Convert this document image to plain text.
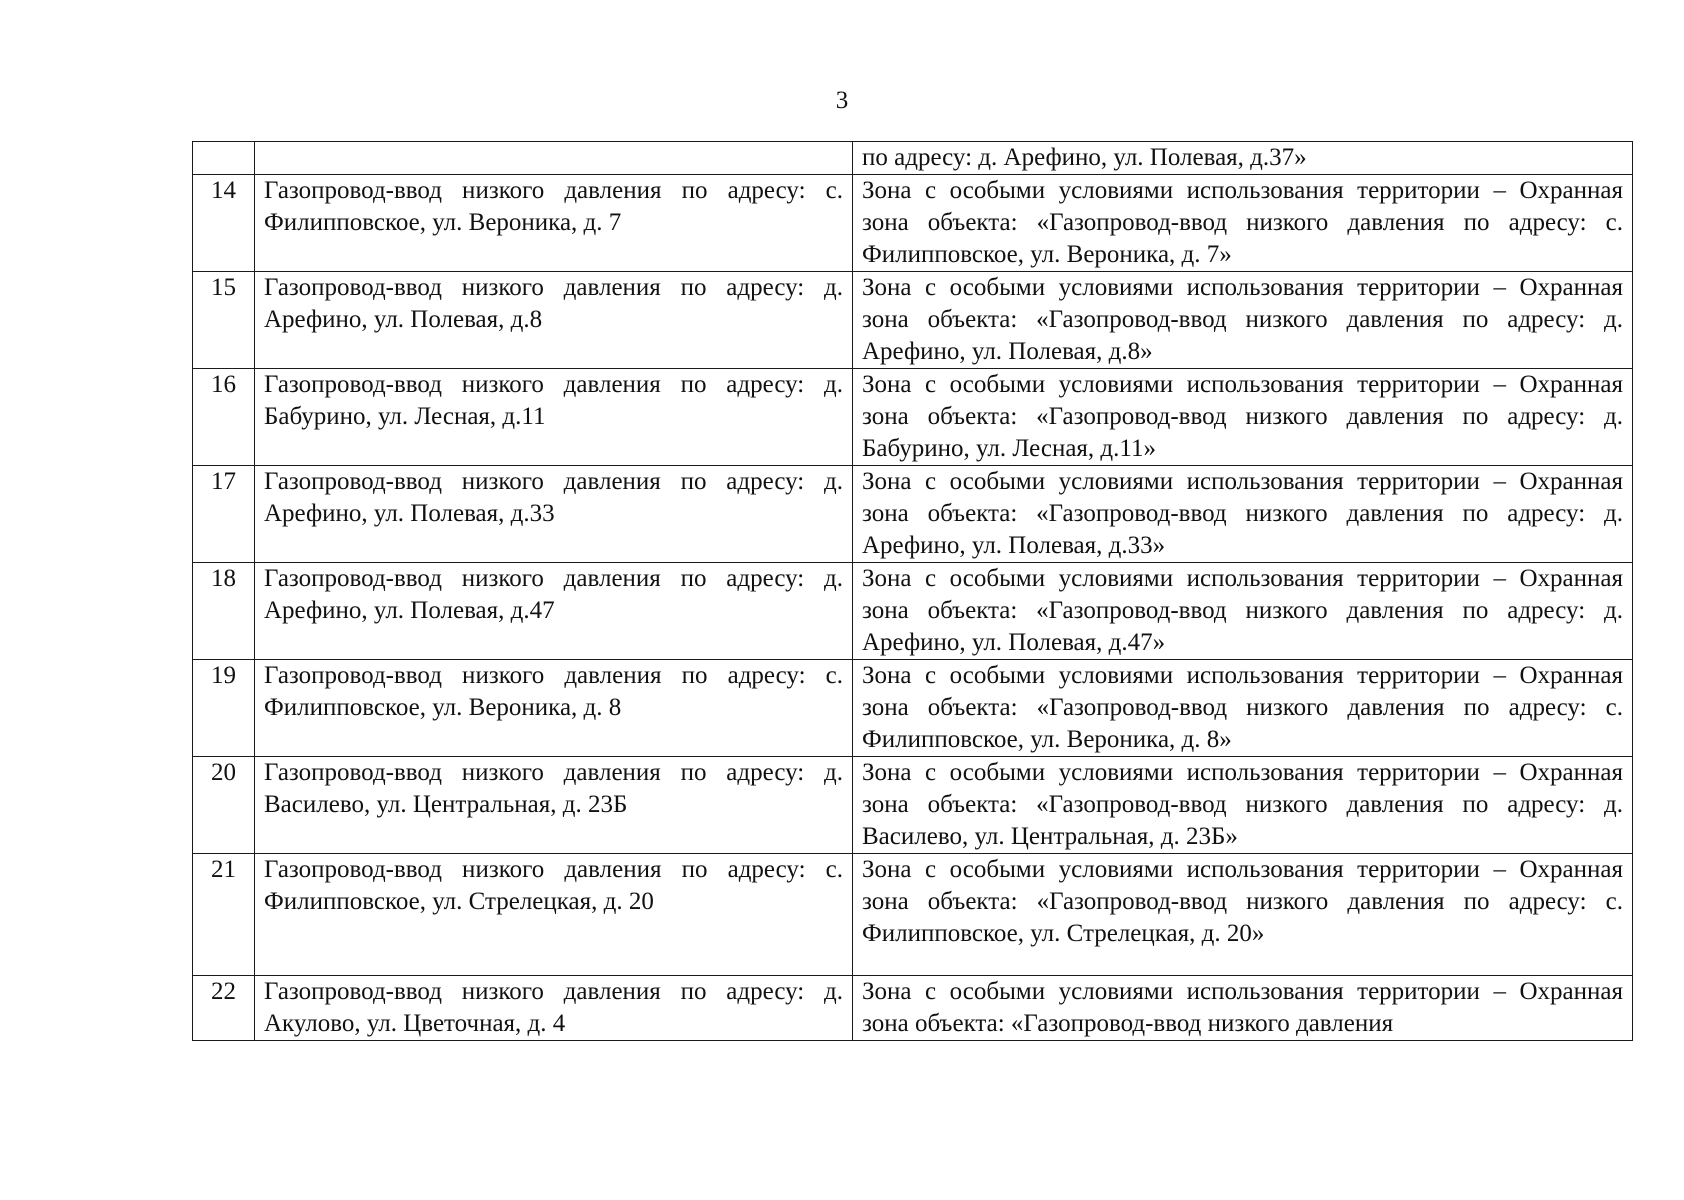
3
		по адресу: д. Арефино, ул. Полевая, д.37»
14	Газопровод-ввод низкого давления по адресу: с. Филипповское, ул. Вероника, д. 7	Зона с особыми условиями использования территории – Охранная зона объекта: «Газопровод-ввод низкого давления по адресу: с. Филипповское, ул. Вероника, д. 7»
15	Газопровод-ввод низкого давления по адресу: д. Арефино, ул. Полевая, д.8	Зона с особыми условиями использования территории – Охранная зона объекта: «Газопровод-ввод низкого давления по адресу: д. Арефино, ул. Полевая, д.8»
16	Газопровод-ввод низкого давления по адресу: д. Бабурино, ул. Лесная, д.11	Зона с особыми условиями использования территории – Охранная зона объекта: «Газопровод-ввод низкого давления по адресу: д. Бабурино, ул. Лесная, д.11»
17	Газопровод-ввод низкого давления по адресу: д. Арефино, ул. Полевая, д.33	Зона с особыми условиями использования территории – Охранная зона объекта: «Газопровод-ввод низкого давления по адресу: д. Арефино, ул. Полевая, д.33»
18	Газопровод-ввод низкого давления по адресу: д. Арефино, ул. Полевая, д.47	Зона с особыми условиями использования территории – Охранная зона объекта: «Газопровод-ввод низкого давления по адресу: д. Арефино, ул. Полевая, д.47»
19	Газопровод-ввод низкого давления по адресу: с. Филипповское, ул. Вероника, д. 8	Зона с особыми условиями использования территории – Охранная зона объекта: «Газопровод-ввод низкого давления по адресу: с. Филипповское, ул. Вероника, д. 8»
20	Газопровод-ввод низкого давления по адресу: д. Василево, ул. Центральная, д. 23Б	Зона с особыми условиями использования территории – Охранная зона объекта: «Газопровод-ввод низкого давления по адресу: д. Василево, ул. Центральная, д. 23Б»
21	Газопровод-ввод низкого давления по адресу: с. Филипповское, ул. Стрелецкая, д. 20	Зона с особыми условиями использования территории – Охранная зона объекта: «Газопровод-ввод низкого давления по адресу: с. Филипповское, ул. Стрелецкая, д. 20»
22	Газопровод-ввод низкого давления по адресу: д. Акулово, ул. Цветочная, д. 4	Зона с особыми условиями использования территории – Охранная зона объекта: «Газопровод-ввод низкого давления
